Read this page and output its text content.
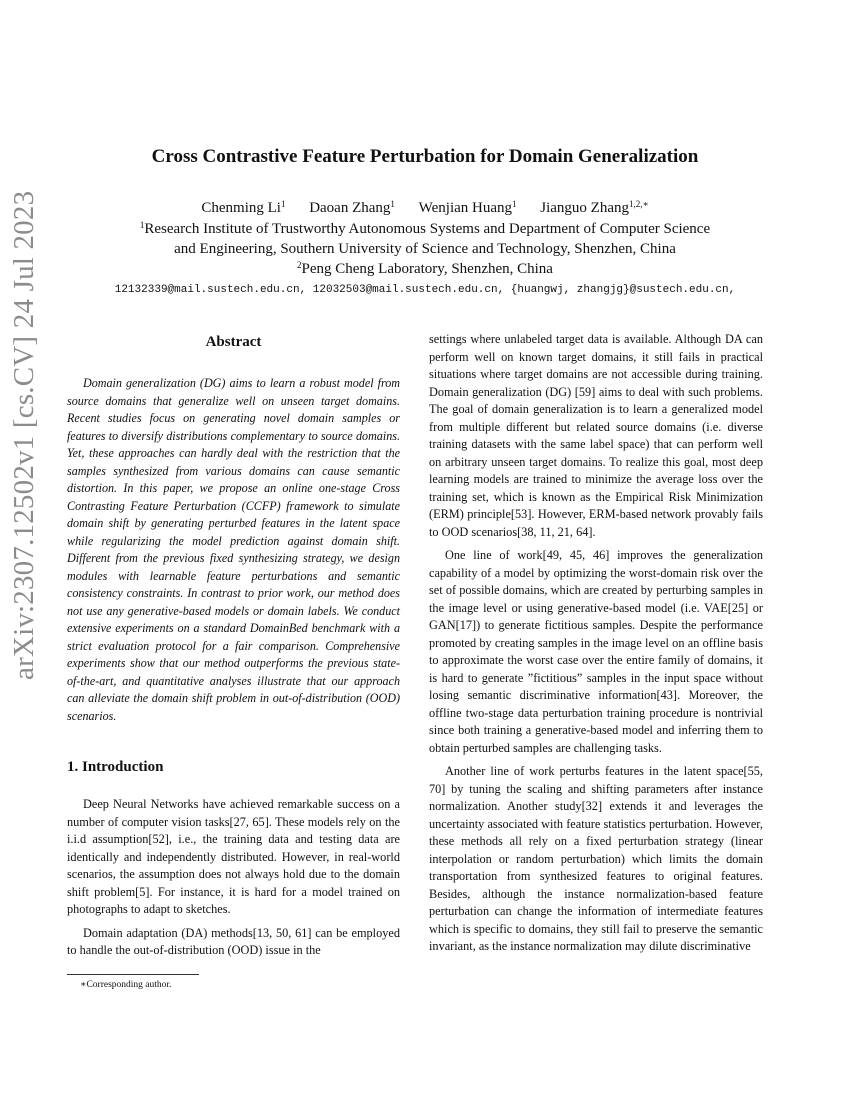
arXiv:2307.12502v1 [cs.CV] 24 Jul 2023
Cross Contrastive Feature Perturbation for Domain Generalization
Chenming Li$^1$ Daoan Zhang$^1$ Wenjian Huang$^1$ Jianguo Zhang$^{1,2,∗}$
$^1$Research Institute of Trustworthy Autonomous Systems and Department of Computer Science
and Engineering, Southern University of Science and Technology, Shenzhen, China
$^2$Peng Cheng Laboratory, Shenzhen, China
12132339@mail.sustech.edu.cn, 12032503@mail.sustech.edu.cn, {huangwj, zhangjg}@sustech.edu.cn,
Abstract

Domain generalization (DG) aims to learn a robust model from source domains that generalize well on unseen target domains. Recent studies focus on generating novel domain samples or features to diversify distributions complementary to source domains. Yet, these approaches can hardly deal with the restriction that the samples synthesized from various domains can cause semantic distortion. In this paper, we propose an online one-stage Cross Contrasting Feature Perturbation (CCFP) framework to simulate domain shift by generating perturbed features in the latent space while regularizing the model prediction against domain shift. Different from the previous fixed synthesizing strategy, we design modules with learnable feature perturbations and semantic consistency constraints. In contrast to prior work, our method does not use any generative-based models or domain labels. We conduct extensive experiments on a standard DomainBed benchmark with a strict evaluation protocol for a fair comparison. Comprehensive experiments show that our method outperforms the previous state-of-the-art, and quantitative analyses illustrate that our approach can alleviate the domain shift problem in out-of-distribution (OOD) scenarios.

1. Introduction

Deep Neural Networks have achieved remarkable success on a number of computer vision tasks[27, 65]. These models rely on the i.i.d assumption[52], i.e., the training data and testing data are identically and independently distributed. However, in real-world scenarios, the assumption does not always hold due to the domain shift problem[5]. For instance, it is hard for a model trained on photographs to adapt to sketches.

Domain adaptation (DA) methods[13, 50, 61] can be employed to handle the out-of-distribution (OOD) issue in the

settings where unlabeled target data is available. Although DA can perform well on known target domains, it still fails in practical situations where target domains are not accessible during training. Domain generalization (DG) [59] aims to deal with such problems. The goal of domain generalization is to learn a generalized model from multiple different but related source domains (i.e. diverse training datasets with the same label space) that can perform well on arbitrary unseen target domains. To realize this goal, most deep learning models are trained to minimize the average loss over the training set, which is known as the Empirical Risk Minimization (ERM) principle[53]. However, ERM-based network provably fails to OOD scenarios[38, 11, 21, 64].

One line of work[49, 45, 46] improves the generalization capability of a model by optimizing the worst-domain risk over the set of possible domains, which are created by perturbing samples in the image level or using generative-based model (i.e. VAE[25] or GAN[17]) to generate fictitious samples. Despite the performance promoted by creating samples in the image level on an offline basis to approximate the worst case over the entire family of domains, it is hard to generate ”fictitious” samples in the input space without losing semantic discriminative information[43]. Moreover, the offline two-stage data perturbation training procedure is nontrivial since both training a generative-based model and inferring them to obtain perturbed samples are challenging tasks.

Another line of work perturbs features in the latent space[55, 70] by tuning the scaling and shifting parameters after instance normalization. Another study[32] extends it and leverages the uncertainty associated with feature statistics perturbation. However, these methods all rely on a fixed perturbation strategy (linear interpolation or random perturbation) which limits the domain transportation from synthesized features to original features. Besides, although the instance normalization-based feature perturbation can change the information of intermediate features which is specific to domains, they still fail to preserve the semantic invariant, as the instance normalization may dilute discriminative

∗Corresponding author.
